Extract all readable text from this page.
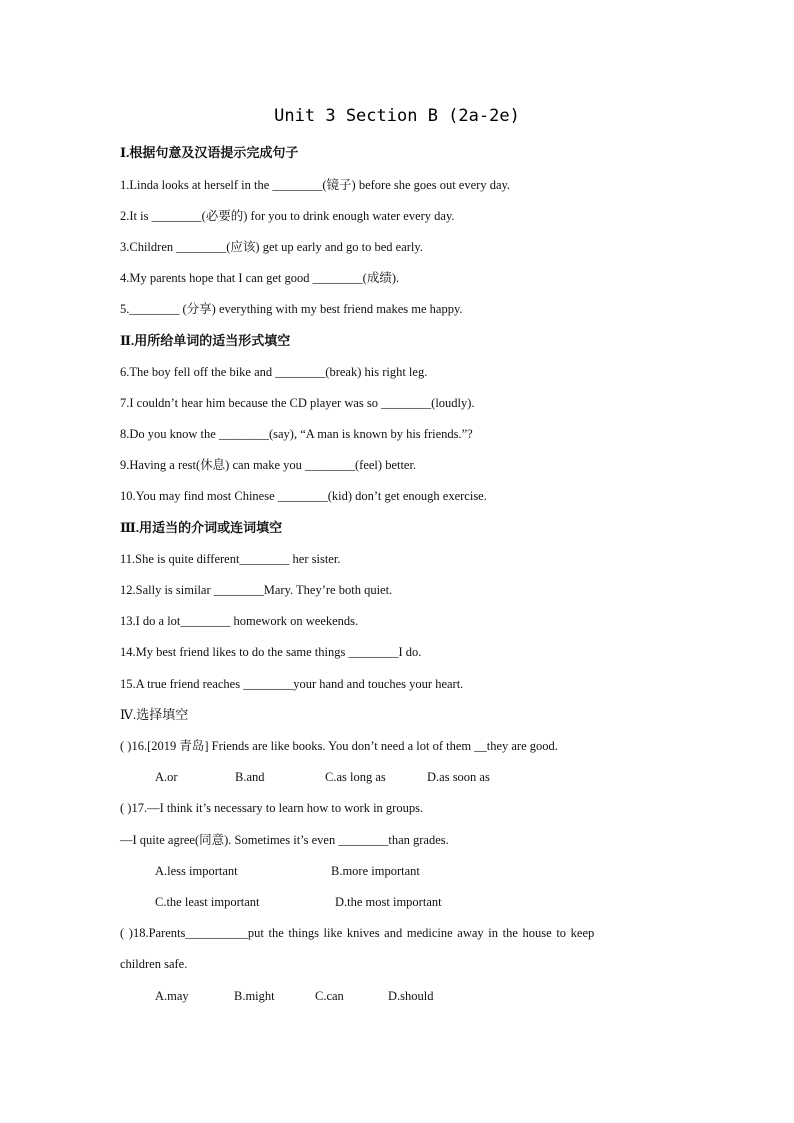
Unit 3 Section B (2a-2e)
Ⅰ.根据句意及汉语提示完成句子
1.Linda looks at herself in the ________(镜子) before she goes out every day.
2.It is ________(必要的) for you to drink enough water every day.
3.Children ________(应该) get up early and go to bed early.
4.My parents hope that I can get good ________(成绩).
5.________ (分享) everything with my best friend makes me happy.
Ⅱ.用所给单词的适当形式填空
6.The boy fell off the bike and ________(break) his right leg.
7.I couldn’t hear him because the CD player was so ________(loudly).
8.Do you know the ________(say), “A man is known by his friends.”?
9.Having a rest(休息) can make you ________(feel) better.
10.You may find most Chinese ________(kid) don’t get enough exercise.
Ⅲ.用适当的介词或连词填空
11.She is quite different________ her sister.
12.Sally is similar ________Mary. They’re both quiet.
13.I do a lot________ homework on weekends.
14.My best friend likes to do the same things ________I do.
15.A true friend reaches ________your hand and touches your heart.
Ⅳ.选择填空
( )16.[2019 青岛] Friends are like books. You don’t need a lot of them __they are good.
A.or	B.and	C.as long as	D.as soon as
( )17.—I think it’s necessary to learn how to work in groups.
—I quite agree(同意). Sometimes it’s even ________than grades.
A.less important	B.more important
C.the least important	D.the most important
( )18.Parents__________put the things like knives and medicine away in the house to keep
children safe.
A.may	B.might	C.can	D.should
